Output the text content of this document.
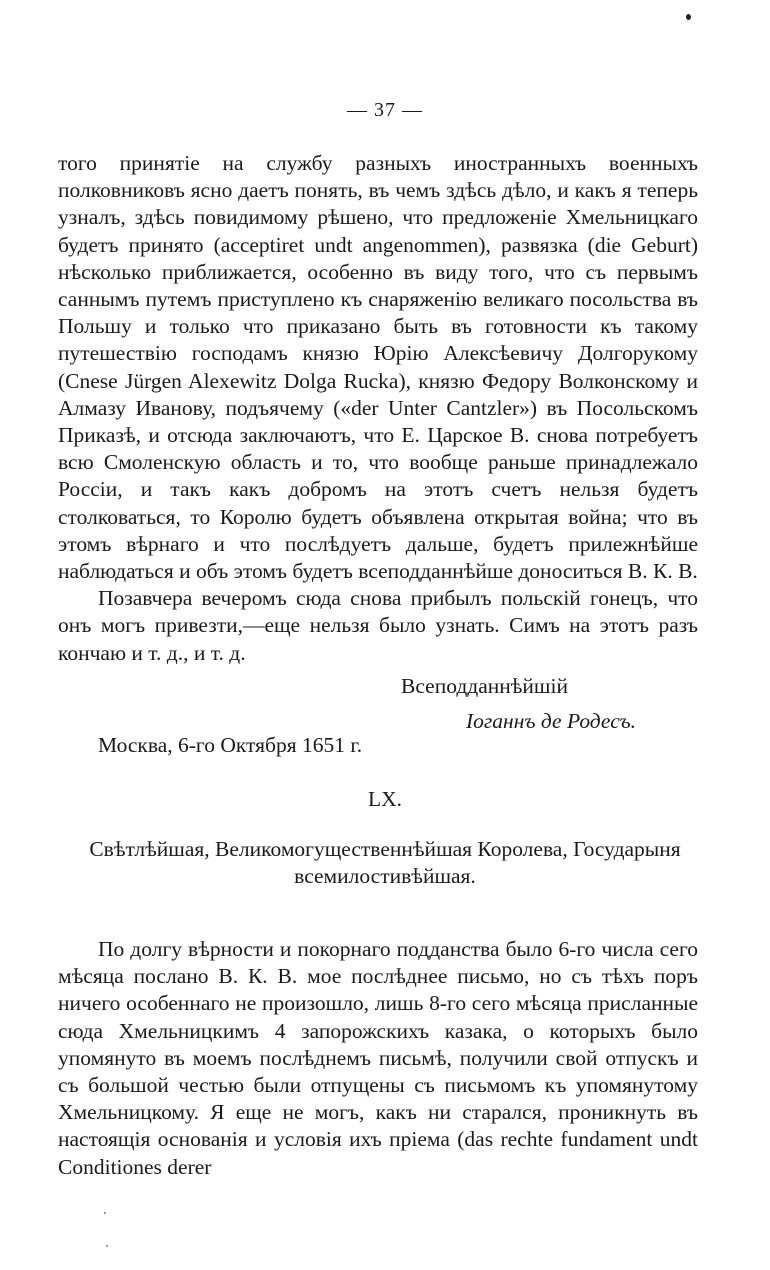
— 37 —

того принятіе на службу разныхъ иностранныхъ военныхъ полковниковъ ясно даетъ понять, въ чемъ здѣсь дѣло, и какъ я теперь узналъ, здѣсь повидимому рѣшено, что предложеніе Хмельницкаго будетъ принято (acceptiret undt angenommen), развязка (die Geburt) нѣсколько приближается, особенно въ виду того, что съ первымъ саннымъ путемъ приступлено къ снаряженію великаго посольства въ Польшу и только что приказано быть въ готовности къ такому путешествію господамъ князю Юрію Алексѣевичу Долгорукому (Cnese Jürgen Alexewitz Dolga Rucka), князю Федору Волконскому и Алмазу Иванову, подъячему («der Unter Cantzler») въ Посольскомъ Приказѣ, и отсюда заключаютъ, что Е. Царское В. снова потребуетъ всю Смоленскую область и то, что вообще раньше принадлежало Россіи, и такъ какъ добромъ на этотъ счетъ нельзя будетъ столковаться, то Королю будетъ объявлена открытая война; что въ этомъ вѣрнаго и что послѣдуетъ дальше, будетъ прилежнѣйше наблюдаться и объ этомъ будетъ всеподданнѣйше доноситься В. К. В.

Позавчера вечеромъ сюда снова прибылъ польскій гонецъ, что онъ могъ привезти,—еще нельзя было узнать. Симъ на этотъ разъ кончаю и т. д., и т. д.

Всеподданнѣйшій
Іоганнъ де Родесъ.
Москва, 6-го Октября 1651 г.
LX.
Свѣтлѣйшая, Великомогущественнѣйшая Королева, Государыня всемилостивѣйшая.

По долгу вѣрности и покорнаго подданства было 6-го числа сего мѣсяца послано В. К. В. мое послѣднее письмо, но съ тѣхъ поръ ничего особеннаго не произошло, лишь 8-го сего мѣсяца присланные сюда Хмельницкимъ 4 запорожскихъ казака, о которыхъ было упомянуто въ моемъ послѣднемъ письмѣ, получили свой отпускъ и съ большой честью были отпущены съ письмомъ къ упомянутому Хмельницкому. Я еще не могъ, какъ ни старался, проникнуть въ настоящія основанія и условія ихъ пріема (das rechte fundament undt Conditiones derer
